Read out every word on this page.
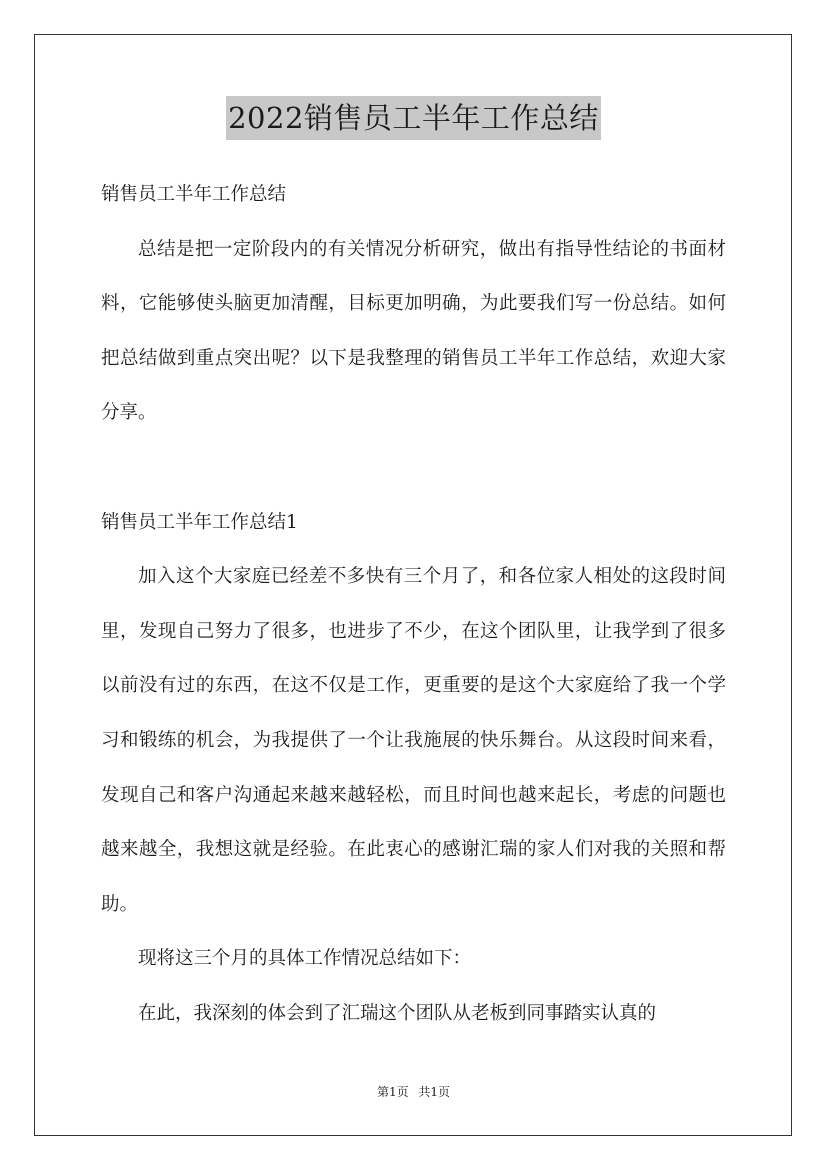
2022销售员工半年工作总结

销售员工半年工作总结

总结是把一定阶段内的有关情况分析研究，做出有指导性结论的书面材料，它能够使头脑更加清醒，目标更加明确，为此要我们写一份总结。如何把总结做到重点突出呢？以下是我整理的销售员工半年工作总结，欢迎大家分享。

销售员工半年工作总结1

加入这个大家庭已经差不多快有三个月了，和各位家人相处的这段时间里，发现自己努力了很多，也进步了不少，在这个团队里，让我学到了很多以前没有过的东西，在这不仅是工作，更重要的是这个大家庭给了我一个学习和锻练的机会，为我提供了一个让我施展的快乐舞台。从这段时间来看，发现自己和客户沟通起来越来越轻松，而且时间也越来起长，考虑的问题也越来越全，我想这就是经验。在此衷心的感谢汇瑞的家人们对我的关照和帮助。

现将这三个月的具体工作情况总结如下：

在此，我深刻的体会到了汇瑞这个团队从老板到同事踏实认真的

第1页 共1页
